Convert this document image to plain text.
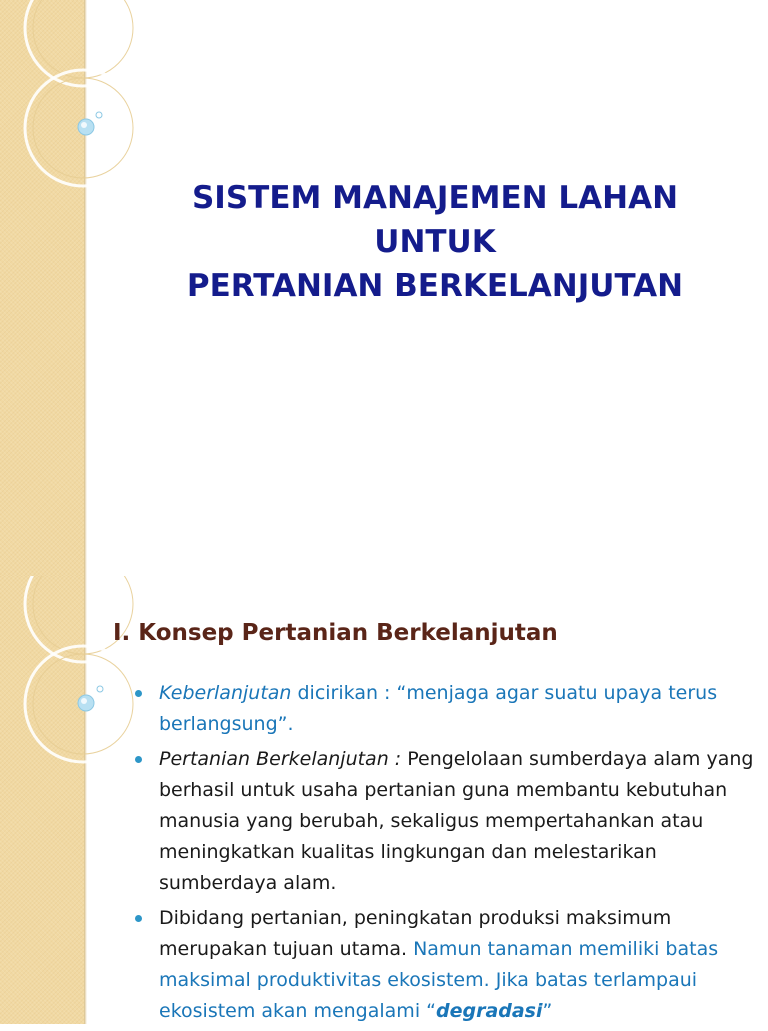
SISTEM MANAJEMEN LAHAN
UNTUK
PERTANIAN BERKELANJUTAN
I. Konsep Pertanian Berkelanjutan
Keberlanjutan dicirikan : “menjaga agar suatu upaya terus berlangsung”.
Pertanian Berkelanjutan : Pengelolaan sumberdaya alam yang berhasil untuk usaha pertanian guna membantu kebutuhan manusia yang berubah, sekaligus mempertahankan atau meningkatkan kualitas lingkungan dan melestarikan sumberdaya alam.
Dibidang pertanian, peningkatan produksi maksimum merupakan tujuan utama. Namun tanaman memiliki batas maksimal produktivitas ekosistem. Jika batas terlampaui ekosistem akan mengalami “degradasi”
